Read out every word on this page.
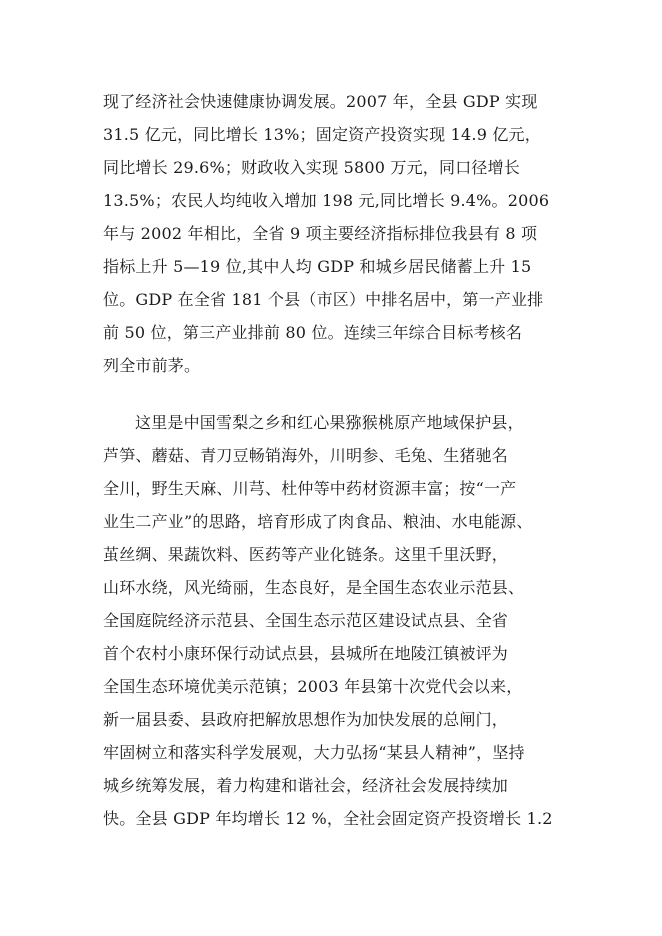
现了经济社会快速健康协调发展。2007 年，全县 GDP 实现
31.5 亿元，同比增长 13%；固定资产投资实现 14.9 亿元，
同比增长 29.6%；财政收入实现 5800 万元，同口径增长
13.5%；农民人均纯收入增加 198 元,同比增长 9.4%。2006
年与 2002 年相比，全省 9 项主要经济指标排位我县有 8 项
指标上升 5—19 位,其中人均 GDP 和城乡居民储蓄上升 15
位。GDP 在全省 181 个县（市区）中排名居中，第一产业排
前 50 位，第三产业排前 80 位。连续三年综合目标考核名
列全市前茅。
这里是中国雪梨之乡和红心果猕猴桃原产地域保护县，
芦笋、蘑菇、青刀豆畅销海外，川明参、毛兔、生猪驰名
全川，野生天麻、川芎、杜仲等中药材资源丰富；按“一产
业生二产业”的思路，培育形成了肉食品、粮油、水电能源、
茧丝绸、果蔬饮料、医药等产业化链条。这里千里沃野，
山环水绕，风光绮丽，生态良好，是全国生态农业示范县、
全国庭院经济示范县、全国生态示范区建设试点县、全省
首个农村小康环保行动试点县，县城所在地陵江镇被评为
全国生态环境优美示范镇；2003 年县第十次党代会以来，
新一届县委、县政府把解放思想作为加快发展的总闸门，
牢固树立和落实科学发展观，大力弘扬“某县人精神”，坚持
城乡统筹发展，着力构建和谐社会，经济社会发展持续加
快。全县 GDP 年均增长 12 %，全社会固定资产投资增长 1.2
